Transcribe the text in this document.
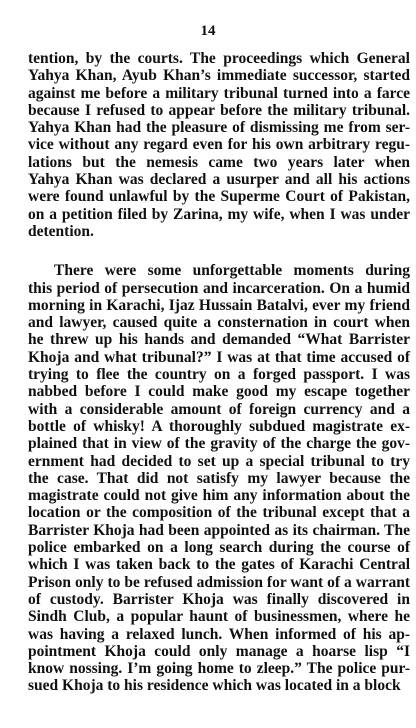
14

tention, by the courts. The proceedings which General
Yahya Khan, Ayub Khan’s immediate successor, started
against me before a military tribunal turned into a farce
because I refused to appear before the military tribunal.
Yahya Khan had the pleasure of dismissing me from ser-
vice without any regard even for his own arbitrary regu-
lations but the nemesis came two years later when
Yahya Khan was declared a usurper and all his actions
were found unlawful by the Superme Court of Pakistan,
on a petition filed by Zarina, my wife, when I was under
detention.

There were some unforgettable moments during
this period of persecution and incarceration. On a humid
morning in Karachi, Ijaz Hussain Batalvi, ever my friend
and lawyer, caused quite a consternation in court when
he threw up his hands and demanded “What Barrister
Khoja and what tribunal?” I was at that time accused of
trying to flee the country on a forged passport. I was
nabbed before I could make good my escape together
with a considerable amount of foreign currency and a
bottle of whisky! A thoroughly subdued magistrate ex-
plained that in view of the gravity of the charge the gov-
ernment had decided to set up a special tribunal to try
the case. That did not satisfy my lawyer because the
magistrate could not give him any information about the
location or the composition of the tribunal except that a
Barrister Khoja had been appointed as its chairman. The
police embarked on a long search during the course of
which I was taken back to the gates of Karachi Central
Prison only to be refused admission for want of a warrant
of custody. Barrister Khoja was finally discovered in
Sindh Club, a popular haunt of businessmen, where he
was having a relaxed lunch. When informed of his ap-
pointment Khoja could only manage a hoarse lisp “I
know nossing. I’m going home to zleep.” The police pur-
sued Khoja to his residence which was located in a block
